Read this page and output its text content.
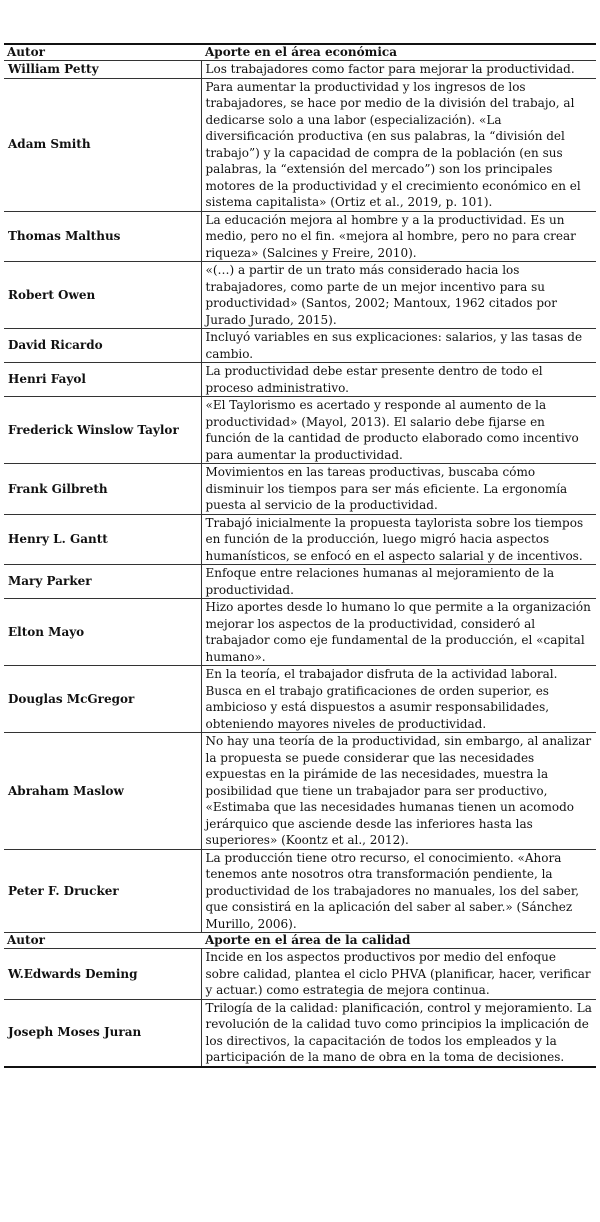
Autor	Aporte en el área económica
William Petty	Los trabajadores como factor para mejorar la productividad.
Adam Smith	Para aumentar la productividad y los ingresos de los trabajadores, se hace por medio de la división del trabajo, al dedicarse solo a una labor (especialización). «La diversificación productiva (en sus palabras, la “división del trabajo”) y la capacidad de compra de la población (en sus palabras, la “extensión del mercado”) son los principales motores de la productividad y el crecimiento económico en el sistema capitalista» (Ortiz et al., 2019, p. 101).
Thomas Malthus	La educación mejora al hombre y a la productividad. Es un medio, pero no el fin. «mejora al hombre, pero no para crear riqueza» (Salcines y Freire, 2010).
Robert Owen	«(…) a partir de un trato más considerado hacia los trabajadores, como parte de un mejor incentivo para su productividad» (Santos, 2002; Mantoux, 1962 citados por Jurado Jurado, 2015).
David Ricardo	Incluyó variables en sus explicaciones: salarios, y las tasas de cambio.
Henri Fayol	La productividad debe estar presente dentro de todo el proceso administrativo.
Frederick Winslow Taylor	«El Taylorismo es acertado y responde al aumento de la productividad» (Mayol, 2013). El salario debe fijarse en función de la cantidad de producto elaborado como incentivo para aumentar la productividad.
Frank Gilbreth	Movimientos en las tareas productivas, buscaba cómo disminuir los tiempos para ser más eficiente. La ergonomía puesta al servicio de la productividad.
Henry L. Gantt	Trabajó inicialmente la propuesta taylorista sobre los tiempos en función de la producción, luego migró hacia aspectos humanísticos, se enfocó en el aspecto salarial y de incentivos.
Mary Parker	Enfoque entre relaciones humanas al mejoramiento de la productividad.
Elton Mayo	Hizo aportes desde lo humano lo que permite a la organización mejorar los aspectos de la productividad, consideró al trabajador como eje fundamental de la producción, el «capital humano».
Douglas McGregor	En la teoría, el trabajador disfruta de la actividad laboral. Busca en el trabajo gratificaciones de orden superior, es ambicioso y está dispuestos a asumir responsabilidades, obteniendo mayores niveles de productividad.
Abraham Maslow	No hay una teoría de la productividad, sin embargo, al analizar la propuesta se puede considerar que las necesidades expuestas en la pirámide de las necesidades, muestra la posibilidad que tiene un trabajador para ser productivo, «Estimaba que las necesidades humanas tienen un acomodo jerárquico que asciende desde las inferiores hasta las superiores» (Koontz et al., 2012).
Peter F. Drucker	La producción tiene otro recurso, el conocimiento. «Ahora tenemos ante nosotros otra transformación pendiente, la productividad de los trabajadores no manuales, los del saber, que consistirá en la aplicación del saber al saber.» (Sánchez Murillo, 2006).
Autor	Aporte en el área de la calidad
W.Edwards Deming	Incide en los aspectos productivos por medio del enfoque sobre calidad, plantea el ciclo PHVA (planificar, hacer, verificar y actuar.) como estrategia de mejora continua.
Joseph Moses Juran	Trilogía de la calidad: planificación, control y mejoramiento. La revolución de la calidad tuvo como principios la implicación de los directivos, la capacitación de todos los empleados y la participación de la mano de obra en la toma de decisiones.
